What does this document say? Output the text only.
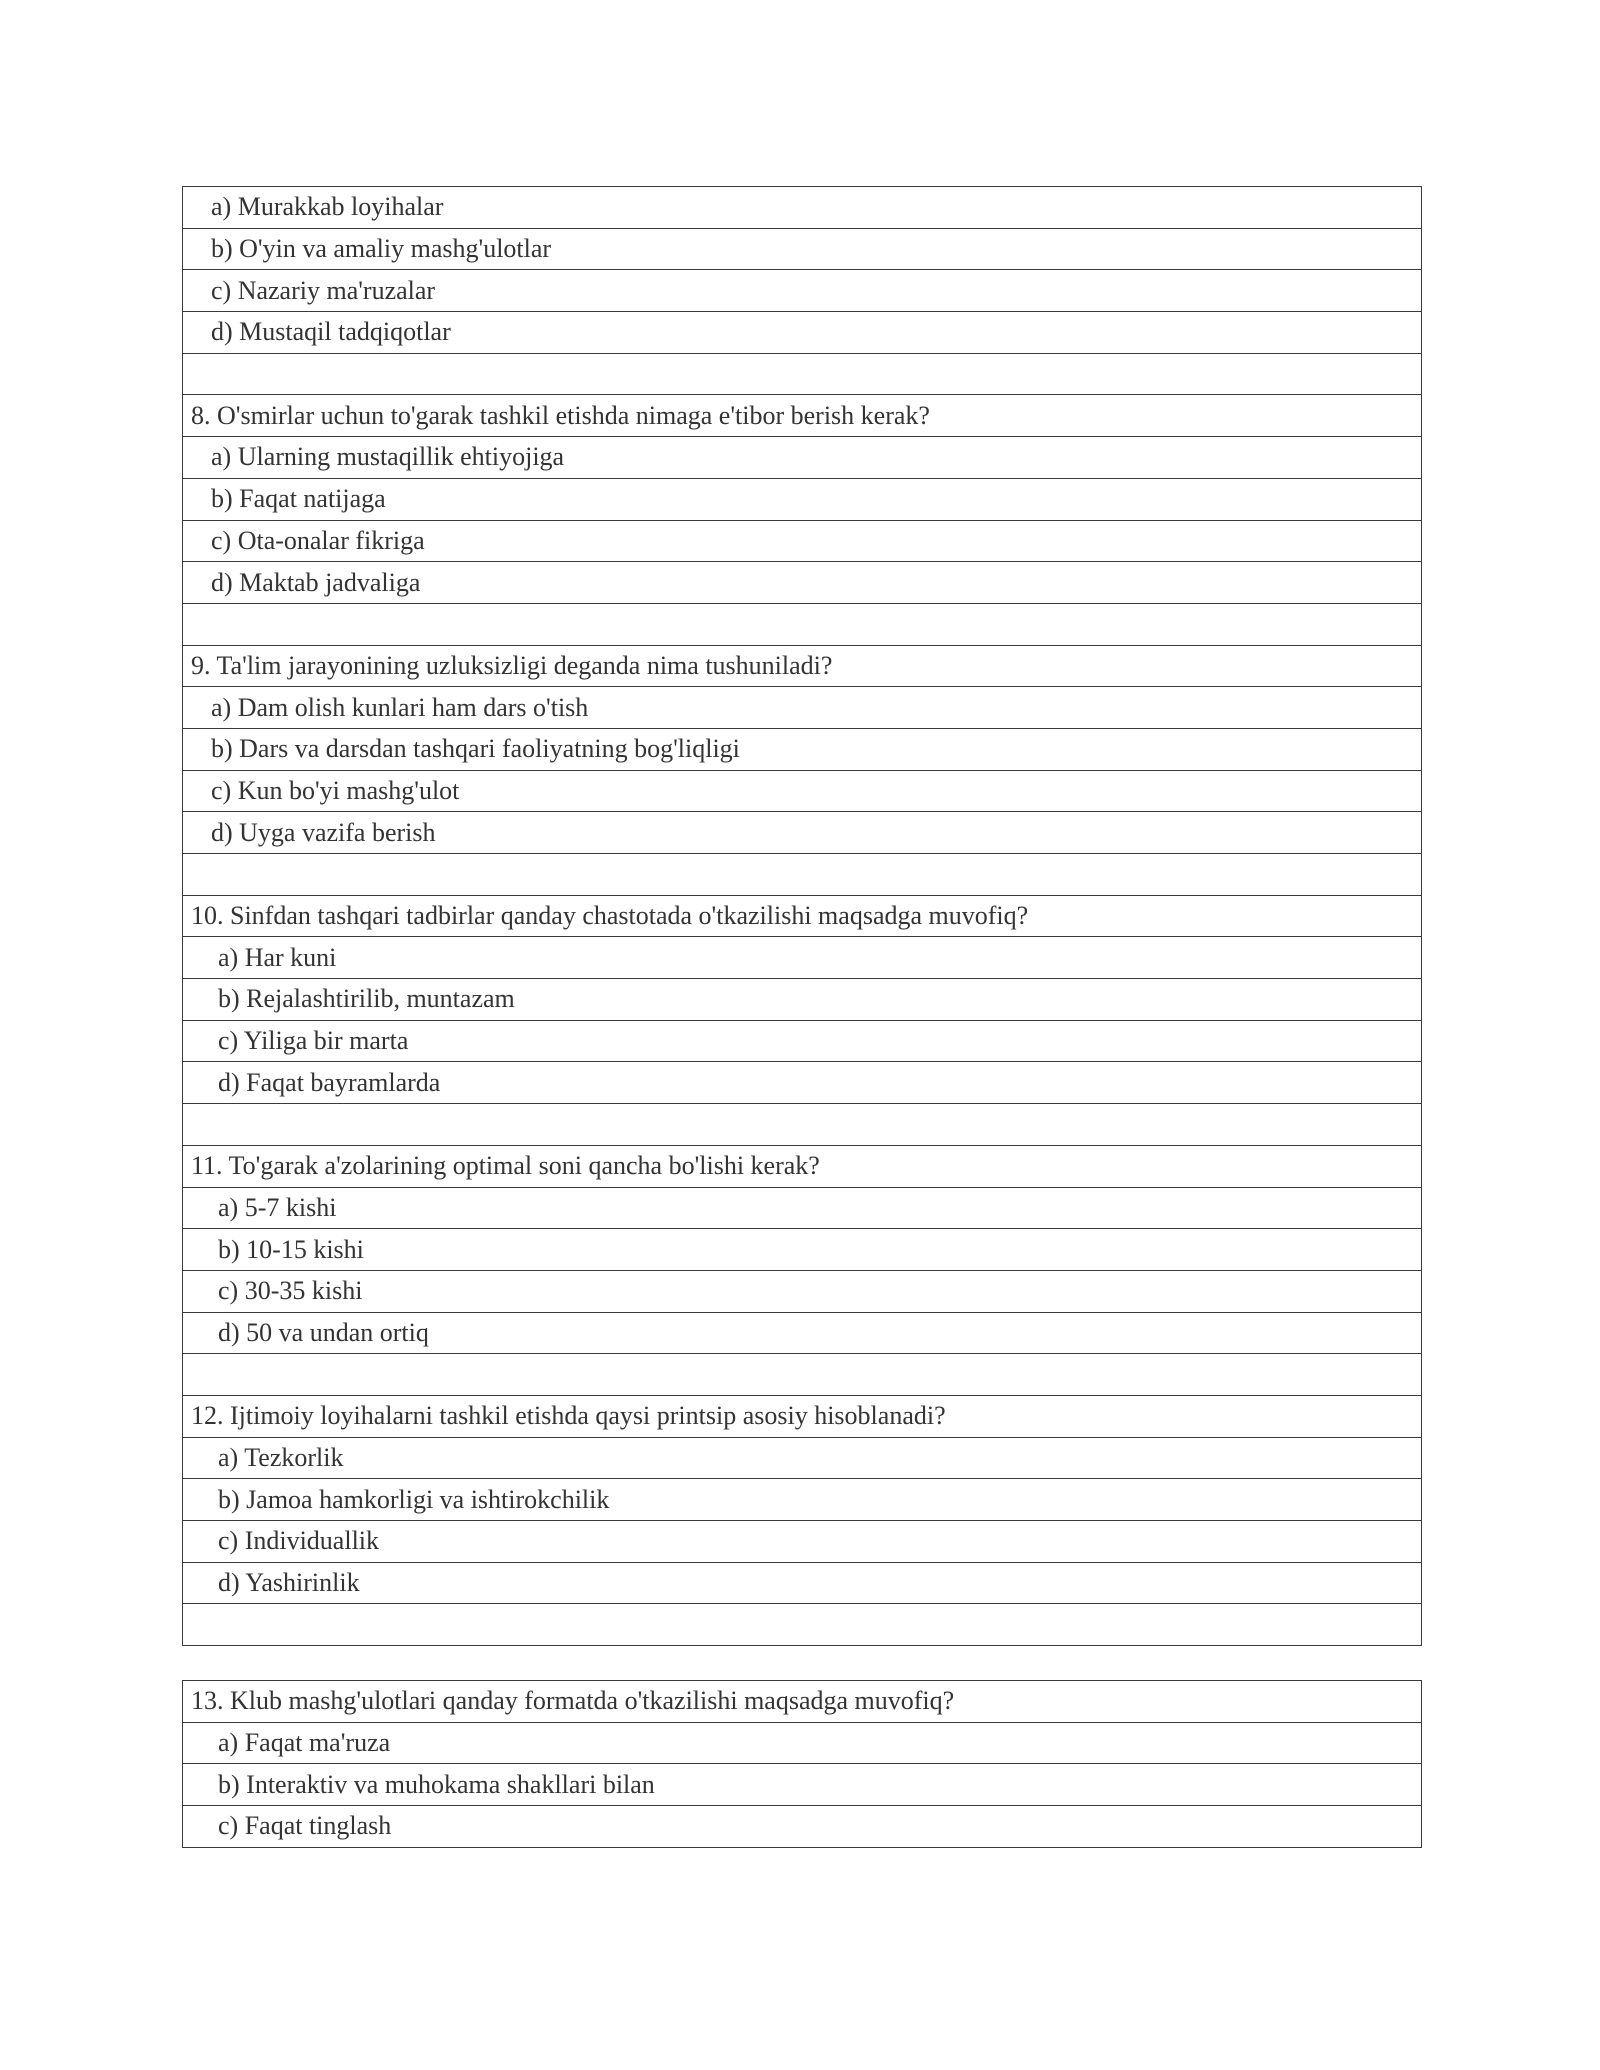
a) Murakkab loyihalar
b) O'yin va amaliy mashg'ulotlar
c) Nazariy ma'ruzalar
d) Mustaqil tadqiqotlar

8. O'smirlar uchun to'garak tashkil etishda nimaga e'tibor berish kerak?
a) Ularning mustaqillik ehtiyojiga
b) Faqat natijaga
c) Ota-onalar fikriga
d) Maktab jadvaliga

9. Ta'lim jarayonining uzluksizligi deganda nima tushuniladi?
a) Dam olish kunlari ham dars o'tish
b) Dars va darsdan tashqari faoliyatning bog'liqligi
c) Kun bo'yi mashg'ulot
d) Uyga vazifa berish

10. Sinfdan tashqari tadbirlar qanday chastotada o'tkazilishi maqsadga muvofiq?
a) Har kuni
b) Rejalashtirilib, muntazam
c) Yiliga bir marta
d) Faqat bayramlarda

11. To'garak a'zolarining optimal soni qancha bo'lishi kerak?
a) 5-7 kishi
b) 10-15 kishi
c) 30-35 kishi
d) 50 va undan ortiq

12. Ijtimoiy loyihalarni tashkil etishda qaysi printsip asosiy hisoblanadi?
a) Tezkorlik
b) Jamoa hamkorligi va ishtirokchilik
c) Individuallik
d) Yashirinlik

13. Klub mashg'ulotlari qanday formatda o'tkazilishi maqsadga muvofiq?
a) Faqat ma'ruza
b) Interaktiv va muhokama shakllari bilan
c) Faqat tinglash
